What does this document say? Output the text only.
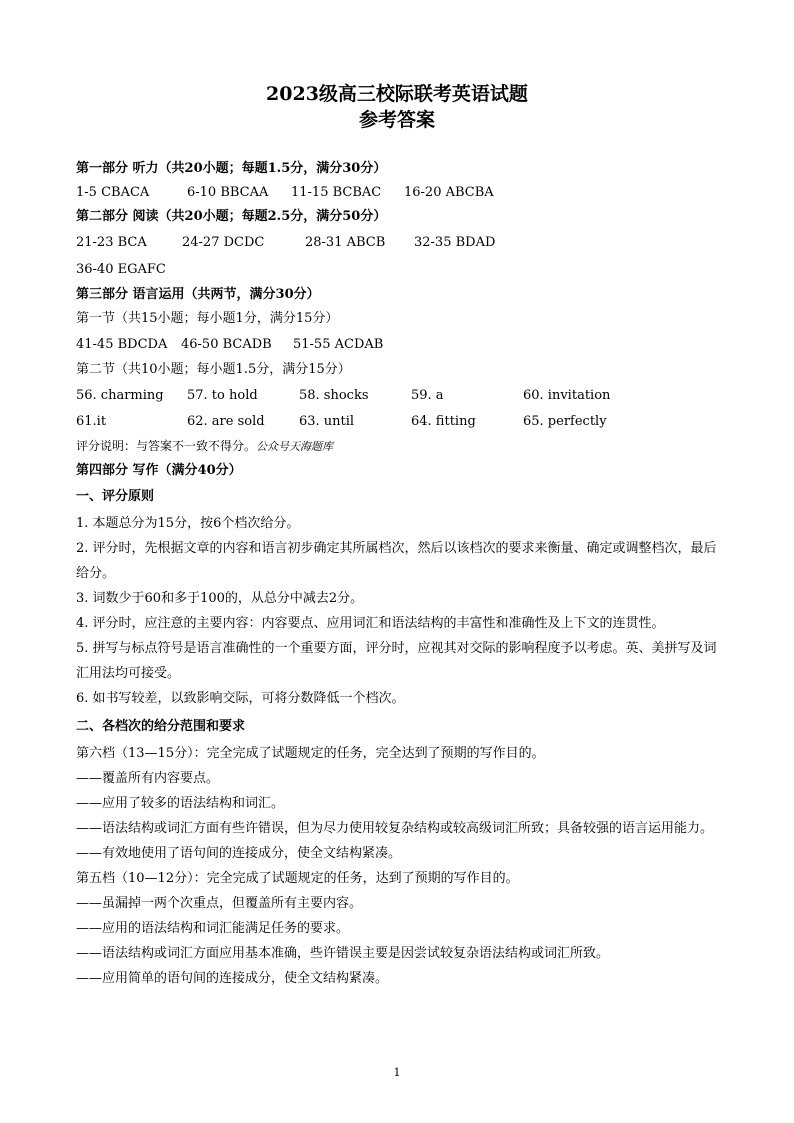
2023级高三校际联考英语试题
参考答案
第一部分 听力（共20小题；每题1.5分，满分30分）
1-5 CBACA	6-10 BBCAA 11-15 BCBAC 16-20 ABCBA
第二部分 阅读（共20小题；每题2.5分，满分50分）
21-23 BCA	24-27 DCDC	28-31 ABCB 32-35 BDAD
36-40 EGAFC
第三部分 语言运用（共两节，满分30分）
第一节（共15小题；每小题1分，满分15分）
41-45 BDCDA 46-50 BCADB 51-55 ACDAB
第二节（共10小题；每小题1.5分，满分15分）
56. charming 57. to hold	58. shocks	59. a	60. invitation
61.it	62. are sold	63. until	64. fitting	65. perfectly
评分说明：与答案不一致不得分。公众号天海题库
第四部分 写作（满分40分）
一、评分原则
1. 本题总分为15分，按6个档次给分。
2. 评分时，先根据文章的内容和语言初步确定其所属档次，然后以该档次的要求来衡量、确定或调整档次，最后给分。
3. 词数少于60和多于100的，从总分中减去2分。
4. 评分时，应注意的主要内容：内容要点、应用词汇和语法结构的丰富性和准确性及上下文的连贯性。
5. 拼写与标点符号是语言准确性的一个重要方面，评分时，应视其对交际的影响程度予以考虑。英、美拼写及词汇用法均可接受。
6. 如书写较差，以致影响交际，可将分数降低一个档次。
二、各档次的给分范围和要求
第六档（13—15分）：完全完成了试题规定的任务，完全达到了预期的写作目的。
——覆盖所有内容要点。
——应用了较多的语法结构和词汇。
——语法结构或词汇方面有些许错误，但为尽力使用较复杂结构或较高级词汇所致；具备较强的语言运用能力。
——有效地使用了语句间的连接成分，使全文结构紧凑。
第五档（10—12分）：完全完成了试题规定的任务，达到了预期的写作目的。
——虽漏掉一两个次重点，但覆盖所有主要内容。
——应用的语法结构和词汇能满足任务的要求。
——语法结构或词汇方面应用基本准确，些许错误主要是因尝试较复杂语法结构或词汇所致。
——应用简单的语句间的连接成分，使全文结构紧凑。
1
